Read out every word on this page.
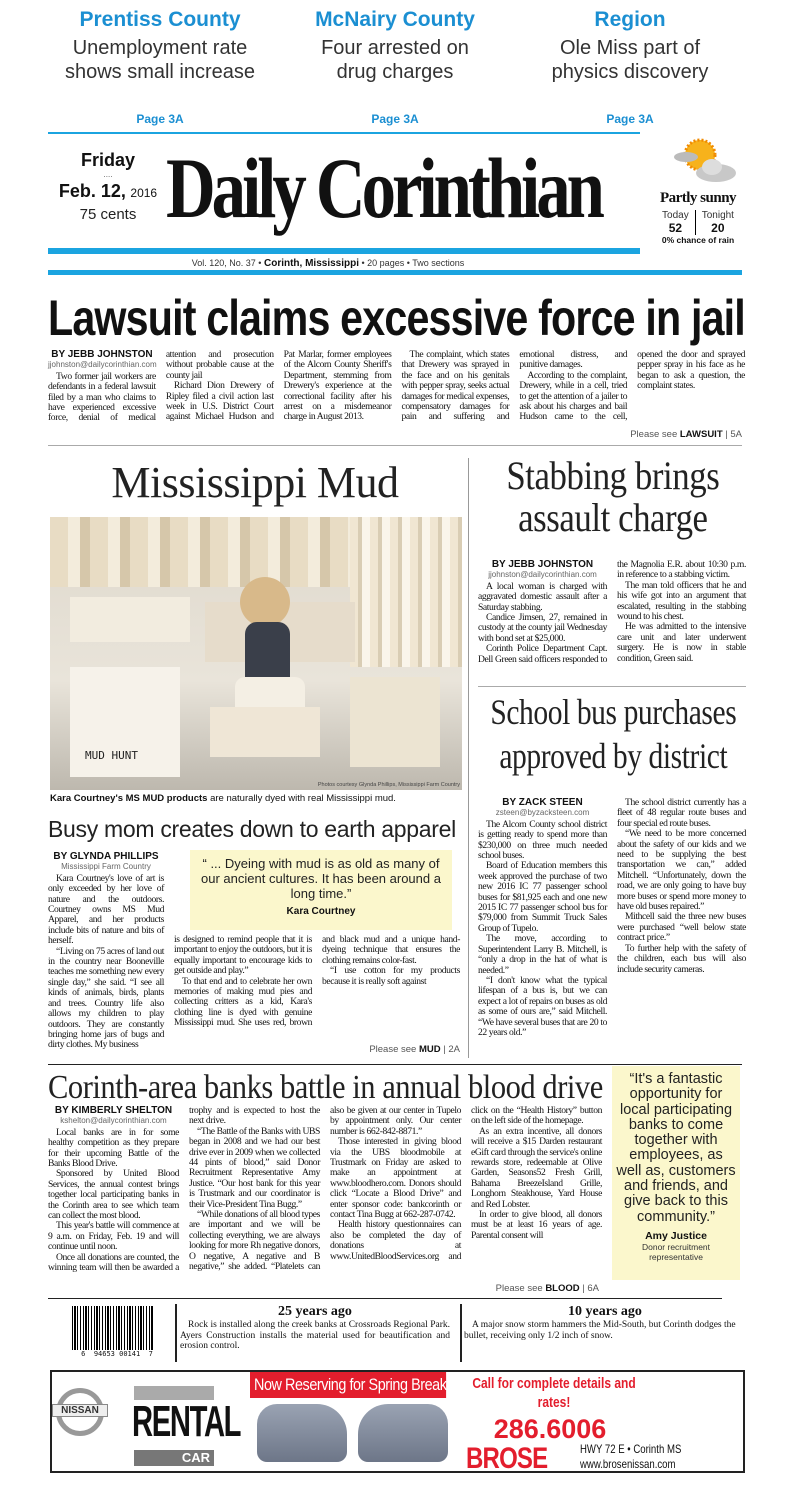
Prentiss County
Unemployment rate shows small increase
Page 3A
McNairy County
Four arrested on drug charges
Page 3A
Region
Ole Miss part of physics discovery
Page 3A
Friday
....
Feb. 12, 2016
75 cents Daily Corinthian	Partly sunny
Today
52
Tonight
20
0% chance of rain
Vol. 120, No. 37 • Corinth, Mississippi • 20 pages • Two sections
Lawsuit claims excessive force in jail
BY JEBB JOHNSTON
jjohnston@dailycorinthian.com

Two former jail workers are defendants in a federal lawsuit filed by a man who claims to have experienced excessive force, denial of medical attention and prosecution without probable cause at the county jail

Richard Dion Drewery of Ripley filed a civil action last week in U.S. District Court against Michael Hudson and Pat Marlar, former employees of the Alcorn County Sheriff's Department, stemming from Drewery's experience at the correctional facility after his arrest on a misdemeanor charge in August 2013.

The complaint, which states that Drewery was sprayed in the face and on his genitals with pepper spray, seeks actual damages for medical expenses, compensatory damages for pain and suffering and emotional distress, and punitive damages.

According to the complaint, Drewery, while in a cell, tried to get the attention of a jailer to ask about his charges and bail Hudson came to the cell, opened the door and sprayed pepper spray in his face as he began to ask a question, the complaint states.

Please see LAWSUIT | 5A
Mississippi Mud
MUD HUNT
Photos courtesy Glynda Phillips, Mississippi Farm Country
Kara Courtney's MS MUD products are naturally dyed with real Mississippi mud.
Busy mom creates down to earth apparel
BY GLYNDA PHILLIPS
Mississippi Farm Country

Kara Courtney's love of art is only exceeded by her love of nature and the outdoors. Courtney owns MS Mud Apparel, and her products include bits of nature and bits of herself.

“Living on 75 acres of land out in the country near Booneville teaches me something new every single day,” she said. “I see all kinds of animals, birds, plants and trees. Country life also allows my children to play outdoors. They are constantly bringing home jars of bugs and dirty clothes. My business

“ ... Dyeing with mud is as old as many of our ancient cultures. It has been around a long time.”
Kara Courtney

is designed to remind people that it is important to enjoy the outdoors, but it is equally important to encourage kids to get outside and play.”

To that end and to celebrate her own memories of making mud pies and collecting critters as a kid, Kara's clothing line is dyed with genuine Mississippi mud. She uses red, brown and black mud and a unique hand-dyeing technique that ensures the clothing remains color-fast.

“I use cotton for my products because it is really soft against

Please see MUD | 2A
Stabbing brings assault charge
BY JEBB JOHNSTON
jjohnston@dailycorinthian.com

A local woman is charged with aggravated domestic assault after a Saturday stabbing.

Candice Jimsen, 27, remained in custody at the county jail Wednesday with bond set at $25,000.

Corinth Police Department Capt. Dell Green said officers responded to the Magnolia E.R. about 10:30 p.m. in reference to a stabbing victim.

The man told officers that he and his wife got into an argument that escalated, resulting in the stabbing wound to his chest.

He was admitted to the intensive care unit and later underwent surgery. He is now in stable condition, Green said.

School bus purchases approved by district
BY ZACK STEEN
zsteen@byzacksteen.com

The Alcorn County school district is getting ready to spend more than $230,000 on three much needed school buses.

Board of Education members this week approved the purchase of two new 2016 IC 77 passenger school buses for $81,925 each and one new 2015 IC 77 passenger school bus for $79,000 from Summit Truck Sales Group of Tupelo.

The move, according to Superintendent Larry B. Mitchell, is “only a drop in the hat of what is needed.”

“I don't know what the typical lifespan of a bus is, but we can expect a lot of repairs on buses as old as some of ours are,” said Mitchell. “We have several buses that are 20 to 22 years old.”

The school district currently has a fleet of 48 regular route buses and four special ed route buses.

“We need to be more concerned about the safety of our kids and we need to be supplying the best transportation we can,” added Mitchell. “Unfortunately, down the road, we are only going to have buy more buses or spend more money to have old buses repaired.”

Mithcell said the three new buses were purchased “well below state contract price.”

To further help with the safety of the children, each bus will also include security cameras.

Corinth-area banks battle in annual blood drive
BY KIMBERLY SHELTON
kshelton@dailycorinthian.com

Local banks are in for some healthy competition as they prepare for their upcoming Battle of the Banks Blood Drive.

Sponsored by United Blood Services, the annual contest brings together local participating banks in the Corinth area to see which team can collect the most blood.

This year's battle will commence at 9 a.m. on Friday, Feb. 19 and will continue until noon.

Once all donations are counted, the winning team will then be awarded a trophy and is expected to host the next drive.

“The Battle of the Banks with UBS began in 2008 and we had our best drive ever in 2009 when we collected 44 pints of blood,” said Donor Recruitment Representative Amy Justice. “Our host bank for this year is Trustmark and our coordinator is their Vice-President Tina Bugg.”

“While donations of all blood types are important and we will be collecting everything, we are always looking for more Rh negative donors, O negative, A negative and B negative,” she added. “Platelets can also be given at our center in Tupelo by appointment only. Our center number is 662-842-8871.”

Those interested in giving blood via the UBS bloodmobile at Trustmark on Friday are asked to make an appointment at www.bloodhero.com. Donors should click “Locate a Blood Drive” and enter sponsor code: bankcorinth or contact Tina Bugg at 662-287-0742.

Health history questionnaires can also be completed the day of donations at www.UnitedBloodServices.org and click on the “Health History” button on the left side of the homepage.

As an extra incentive, all donors will receive a $15 Darden restaurant eGift card through the service's online rewards store, redeemable at Olive Garden, Seasons52 Fresh Grill, Bahama BreezeIsland Grille, Longhorn Steakhouse, Yard House and Red Lobster.

In order to give blood, all donors must be at least 16 years of age. Parental consent will

Please see BLOOD | 6A
“It's a fantastic opportunity for local participating banks to come together with employees, as well as, customers and friends, and give back to this community.”
Amy Justice
Donor recruitment representative
6  94653 00141  7
25 years ago
Rock is installed along the creek banks at Crossroads Regional Park. Ayers Construction installs the material used for beautification and erosion control.
10 years ago
A major snow storm hammers the Mid-South, but Corinth dodges the bullet, receiving only 1/2 inch of snow.
NISSAN RENTAL
CAR
Now Reserving for Spring Break!	Call for complete details and rates!
286.6006
BROSE	HWY 72 E • Corinth MS
www.brosenissan.com
